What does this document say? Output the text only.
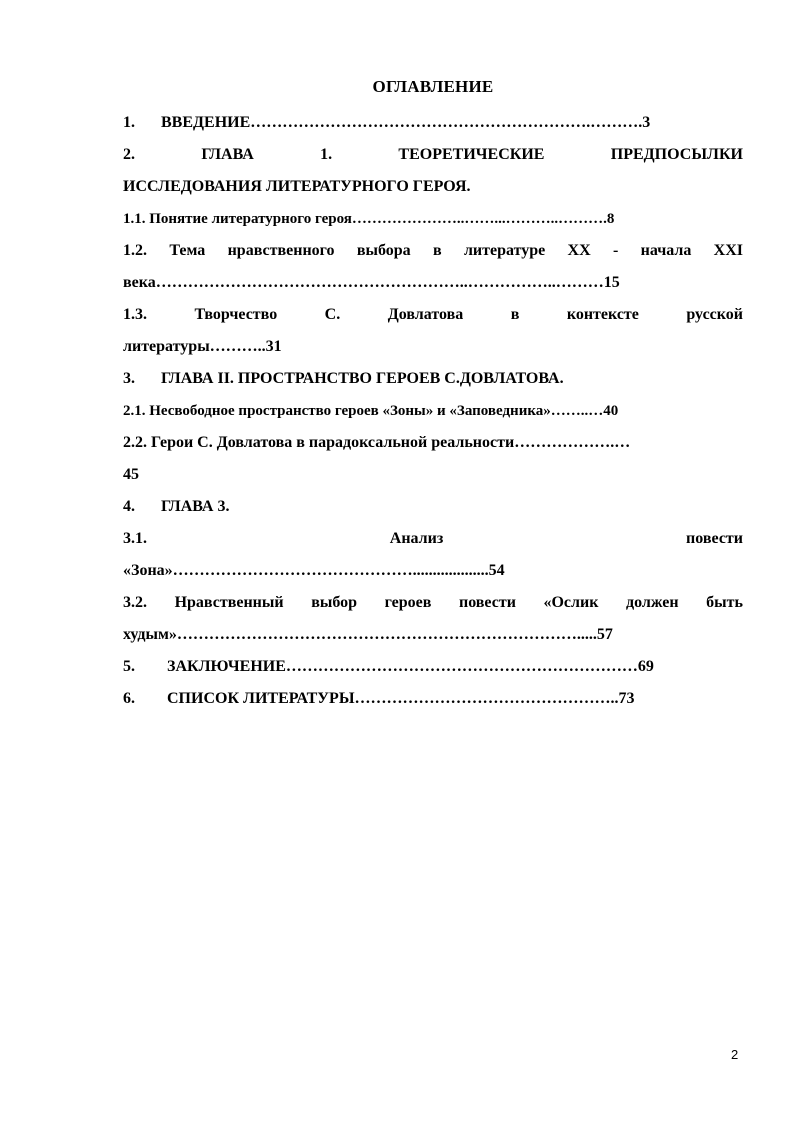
ОГЛАВЛЕНИЕ

1. ВВЕДЕНИЕ……………………………………………………….……….3

2. ГЛАВА 1. ТЕОРЕТИЧЕСКИЕ ПРЕДПОСЫЛКИ
ИССЛЕДОВАНИЯ ЛИТЕРАТУРНОГО ГЕРОЯ.

1.1. Понятие литературного героя…………………..……...………..……….8

1.2. Тема нравственного выбора в литературе XX - начала XXI
века…………………………………………………..……………..………15

1.3. Творчество С. Довлатова в контексте русской
литературы………..31

3. ГЛАВА II. ПРОСТРАНСТВО ГЕРОЕВ С.ДОВЛАТОВА.

2.1. Несвободное пространство героев «Зоны» и «Заповедника»……..…40

2.2. Герои С. Довлатова в парадоксальной реальности……………….…
45

4. ГЛАВА 3.

3.1. Анализ повести
«Зона»………………………………………...................54

3.2. Нравственный выбор героев повести «Ослик должен быть
худым»………………………………………………………………….....57

5. ЗАКЛЮЧЕНИЕ…………………………………………………………69

6. СПИСОК ЛИТЕРАТУРЫ…………………………………………..73

2
